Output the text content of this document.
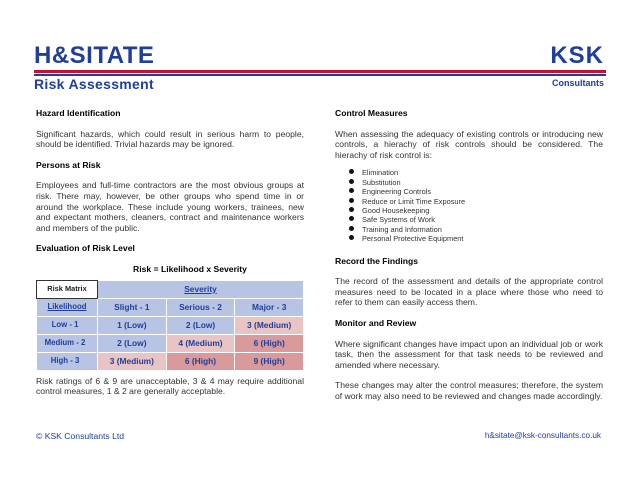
H&SITATE	KSK
Risk Assessment	Consultants
Hazard Identification

Significant hazards, which could result in serious harm to people, should be identified. Trivial hazards may be ignored.

Persons at Risk

Employees and full-time contractors are the most obvious groups at risk. There may, however, be other groups who spend time in or around the workplace. These include young workers, trainees, new and expectant mothers, cleaners, contract and maintenance workers and members of the public.

Evaluation of Risk Level
Risk = Likelihood x Severity
Risk Matrix	Severity		
Likelihood	Slight - 1	Serious - 2	Major - 3
Low - 1	1 (Low)	2 (Low)	3 (Medium)
Medium - 2	2 (Low)	4 (Medium)	6 (High)
High - 3	3 (Medium)	6 (High)	9 (High)

Risk ratings of 6 & 9 are unacceptable, 3 & 4 may require additional control measures, 1 & 2 are generally acceptable.

Control Measures

When assessing the adequacy of existing controls or introducing new controls, a hierachy of risk controls should be considered. The hierachy of risk control is:

Elimination
Substitution
Engineering Controls
Reduce or Limit Time Exposure
Good Housekeeping
Safe Systems of Work
Training and Information
Personal Protective Equipment
Record the Findings

The record of the assessment and details of the appropriate control measures need to be located in a place where those who need to refer to them can easily access them.

Monitor and Review

Where significant changes have impact upon an individual job or work task, then the assessment for that task needs to be reviewed and amended where necessary.

These changes may alter the control measures; therefore, the system of work may also need to be reviewed and changes made accordingly.

© KSK Consultants Ltd	h&sitate@ksk-consultants.co.uk
